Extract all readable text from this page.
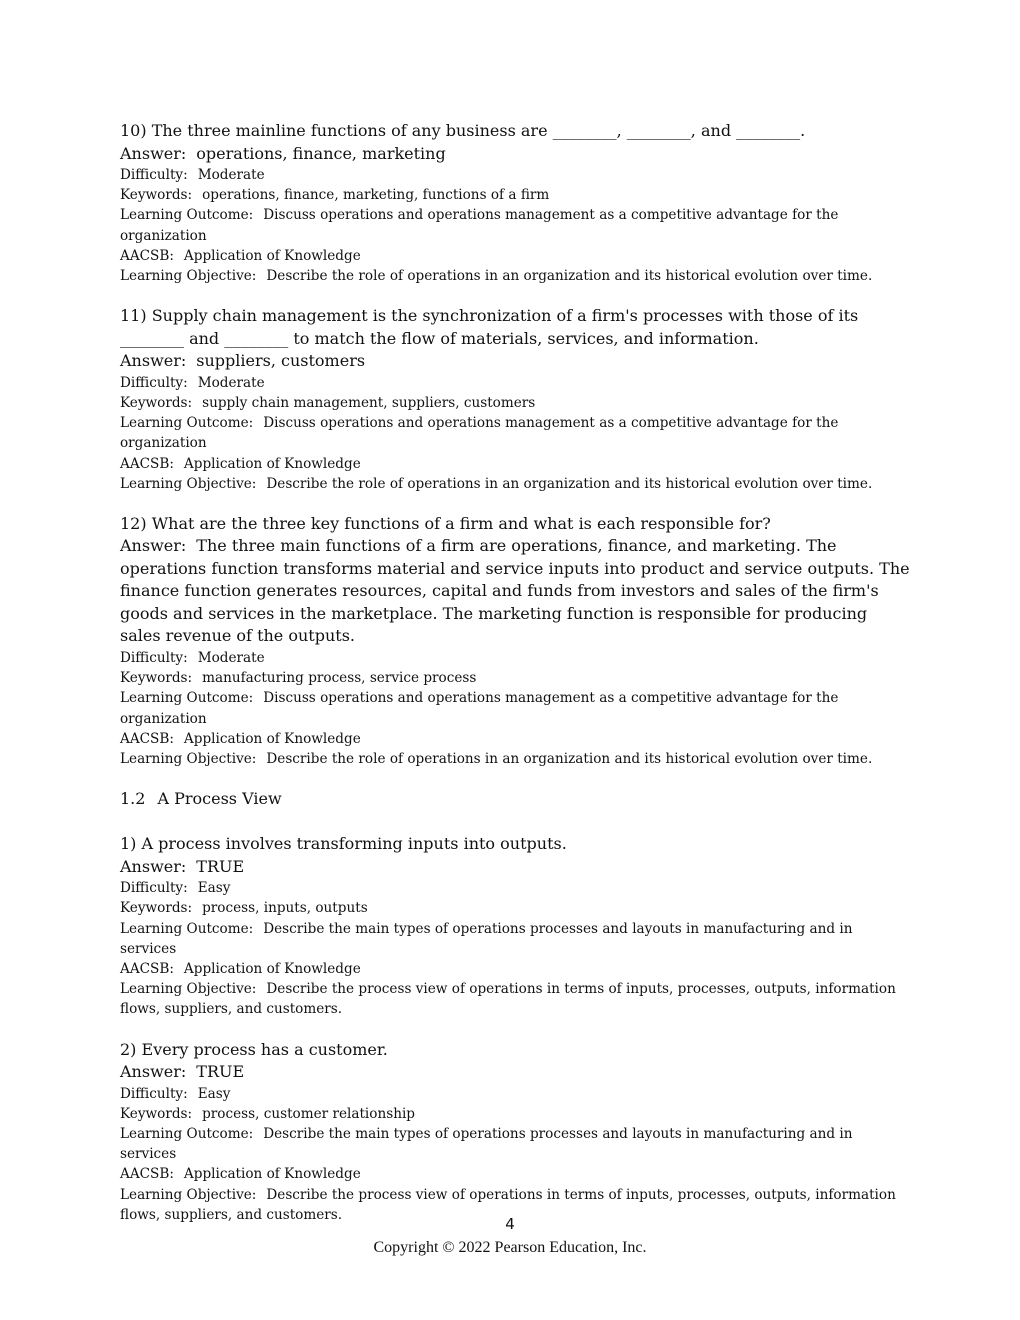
10) The three mainline functions of any business are ________, ________, and ________.
Answer: operations, finance, marketing
Difficulty: Moderate
Keywords: operations, finance, marketing, functions of a firm
Learning Outcome: Discuss operations and operations management as a competitive advantage for the organization
AACSB: Application of Knowledge
Learning Objective: Describe the role of operations in an organization and its historical evolution over time.
11) Supply chain management is the synchronization of a firm's processes with those of its ________ and ________ to match the flow of materials, services, and information.
Answer: suppliers, customers
Difficulty: Moderate
Keywords: supply chain management, suppliers, customers
Learning Outcome: Discuss operations and operations management as a competitive advantage for the organization
AACSB: Application of Knowledge
Learning Objective: Describe the role of operations in an organization and its historical evolution over time.
12) What are the three key functions of a firm and what is each responsible for?
Answer: The three main functions of a firm are operations, finance, and marketing. The operations function transforms material and service inputs into product and service outputs. The finance function generates resources, capital and funds from investors and sales of the firm's goods and services in the marketplace. The marketing function is responsible for producing sales revenue of the outputs.
Difficulty: Moderate
Keywords: manufacturing process, service process
Learning Outcome: Discuss operations and operations management as a competitive advantage for the organization
AACSB: Application of Knowledge
Learning Objective: Describe the role of operations in an organization and its historical evolution over time.
1.2 A Process View
1) A process involves transforming inputs into outputs.
Answer: TRUE
Difficulty: Easy
Keywords: process, inputs, outputs
Learning Outcome: Describe the main types of operations processes and layouts in manufacturing and in services
AACSB: Application of Knowledge
Learning Objective: Describe the process view of operations in terms of inputs, processes, outputs, information flows, suppliers, and customers.
2) Every process has a customer.
Answer: TRUE
Difficulty: Easy
Keywords: process, customer relationship
Learning Outcome: Describe the main types of operations processes and layouts in manufacturing and in services
AACSB: Application of Knowledge
Learning Objective: Describe the process view of operations in terms of inputs, processes, outputs, information flows, suppliers, and customers.
4
Copyright © 2022 Pearson Education, Inc.
